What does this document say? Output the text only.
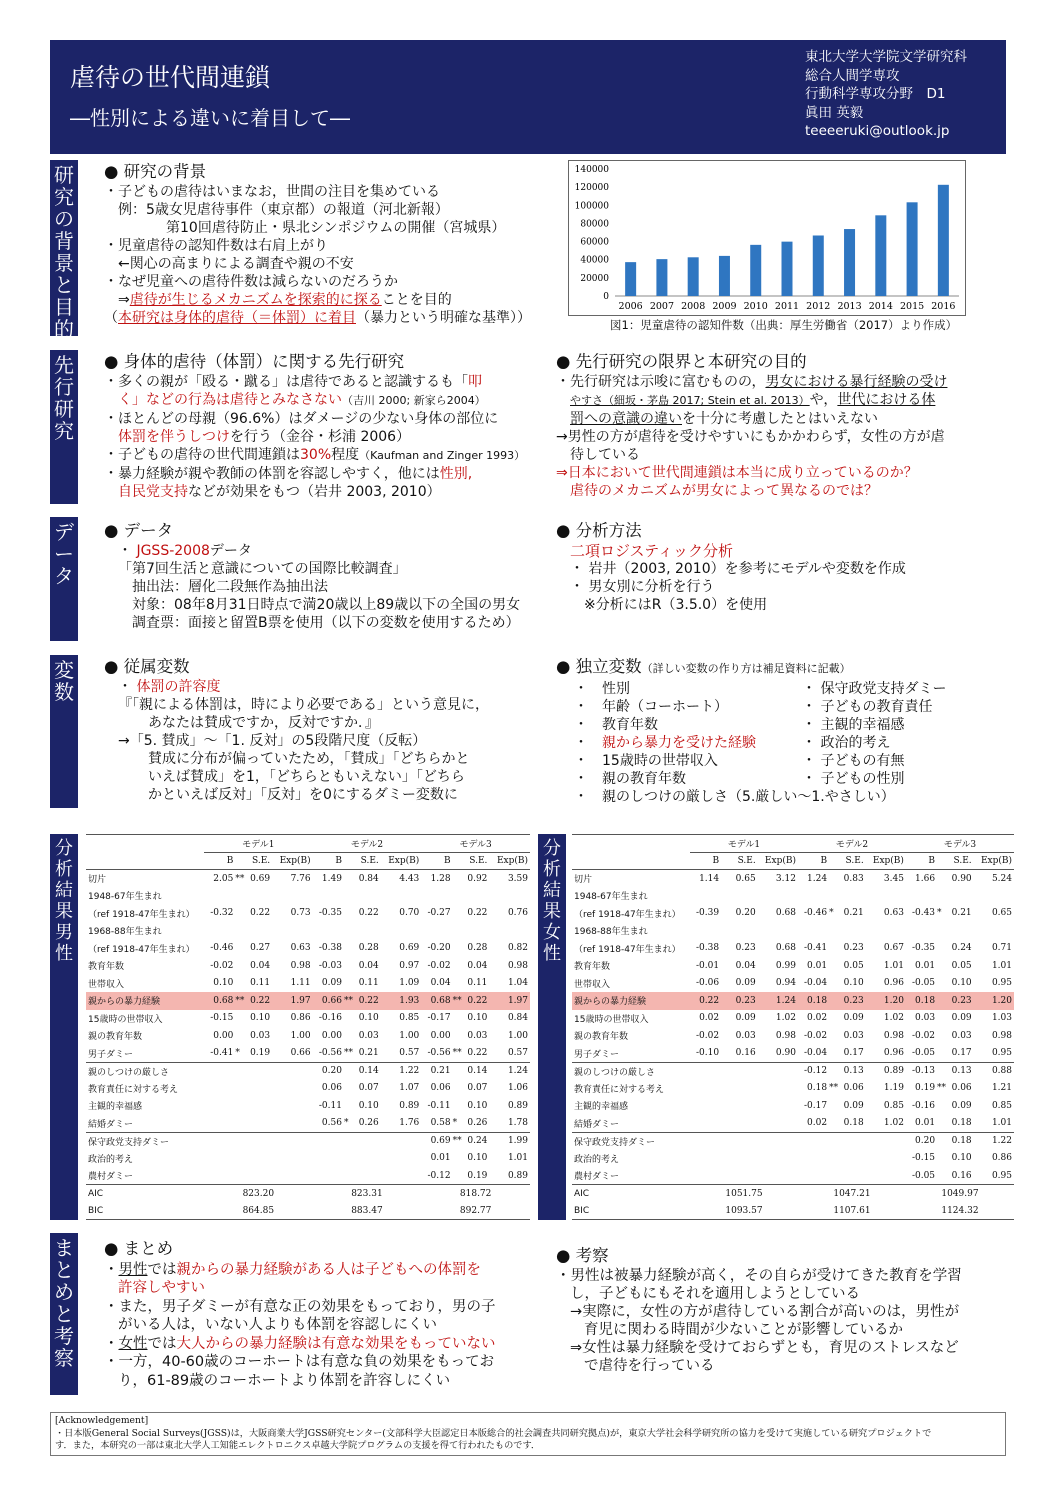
虐待の世代間連鎖
―性別による違いに着目して―
東北大学大学院文学研究科
総合人間学専攻
行動科学専攻分野　D1
眞田 英毅
teeeeruki@outlook.jp
研究の背景と目的
先行研究
データ
変数
分析結果 男性
分析結果 女性
まとめと考察
● 研究の背景
・子どもの虐待はいまなお，世間の注目を集めている
例：5歳女児虐待事件（東京都）の報道（河北新報）
第10回虐待防止・県北シンポジウムの開催（宮城県）
・児童虐待の認知件数は右肩上がり
←関心の高まりによる調査や親の不安
・なぜ児童への虐待件数は減らないのだろうか
⇒虐待が生じるメカニズムを探索的に探ることを目的
（本研究は身体的虐待（＝体罰）に着目（暴力という明確な基準））
140000
120000
100000
80000
60000
40000
20000
0
2006 2007 2008 2009 2010 2011 2012 2013 2014 2015 2016
図1：児童虐待の認知件数（出典：厚生労働省（2017）より作成）
● 身体的虐待（体罰）に関する先行研究
・多くの親が「殴る・蹴る」は虐待であると認識するも「叩
く」などの行為は虐待とみなさない（吉川 2000; 新家ら2004）
・ほとんどの母親（96.6%）はダメージの少ない身体の部位に
体罰を伴うしつけを行う（金谷・杉浦 2006）
・子どもの虐待の世代間連鎖は30%程度（Kaufman and Zinger 1993）
・暴力経験が親や教師の体罰を容認しやすく，他には性別,
自民党支持などが効果をもつ（岩井 2003, 2010）
● 先行研究の限界と本研究の目的
・先行研究は示唆に富むものの，男女における暴行経験の受け
やすさ（細坂・茅島 2017; Stein et al. 2013）や，世代における体
罰への意識の違いを十分に考慮したとはいえない
→男性の方が虐待を受けやすいにもかかわらず，女性の方が虐
待している
⇒日本において世代間連鎖は本当に成り立っているのか？
虐待のメカニズムが男女によって異なるのでは？
● データ
・ JGSS-2008データ
「第7回生活と意識についての国際比較調査」
抽出法：層化二段無作為抽出法
対象：08年8月31日時点で満20歳以上89歳以下の全国の男女
調査票：面接と留置B票を使用（以下の変数を使用するため）
● 分析方法
二項ロジスティック分析
・ 岩井（2003, 2010）を参考にモデルや変数を作成
・ 男女別に分析を行う
※分析にはR（3.5.0）を使用
● 従属変数
・ 体罰の許容度
『「親による体罰は，時により必要である」という意見に，
あなたは賛成ですか，反対ですか．』
→「5. 賛成」～「1. 反対」の5段階尺度（反転）
賛成に分布が偏っていたため，「賛成」「どちらかと
いえば賛成」を1，「どちらともいえない」「どちら
かといえば反対」「反対」を0にするダミー変数に
● 独立変数（詳しい変数の作り方は補足資料に記載）
・　 性別
・　 年齢（コーホート）
・　 教育年数
・　 親から暴力を受けた経験
・　 15歳時の世帯収入
・　 親の教育年数
・　 親のしつけの厳しさ（5.厳しい～1.やさしい）
・ 保守政党支持ダミー
・ 子どもの教育責任
・ 主観的幸福感
・ 政治的考え
・ 子どもの有無
・ 子どもの性別
	モデル1				モデル2				モデル3			
	B		S.E.	Exp(B)	B		S.E.	Exp(B)	B		S.E.	Exp(B)
切片	2.05	**	0.69	7.76	1.49		0.84	4.43	1.28		0.92	3.59
1948-67年生まれ												
（ref 1918-47年生まれ）	-0.32		0.22	0.73	-0.35		0.22	0.70	-0.27		0.22	0.76
1968-88年生まれ												
（ref 1918-47年生まれ）	-0.46		0.27	0.63	-0.38		0.28	0.69	-0.20		0.28	0.82
教育年数	-0.02		0.04	0.98	-0.03		0.04	0.97	-0.02		0.04	0.98
世帯収入	0.10		0.11	1.11	0.09		0.11	1.09	0.04		0.11	1.04
親からの暴力経験	0.68	**	0.22	1.97	0.66	**	0.22	1.93	0.68	**	0.22	1.97
15歳時の世帯収入	-0.15		0.10	0.86	-0.16		0.10	0.85	-0.17		0.10	0.84
親の教育年数	0.00		0.03	1.00	0.00		0.03	1.00	0.00		0.03	1.00
男子ダミー	-0.41	*	0.19	0.66	-0.56	**	0.21	0.57	-0.56	**	0.22	0.57
親のしつけの厳しさ					0.20		0.14	1.22	0.21		0.14	1.24
教育責任に対する考え					0.06		0.07	1.07	0.06		0.07	1.06
主観的幸福感					-0.11		0.10	0.89	-0.11		0.10	0.89
結婚ダミー					0.56	*	0.26	1.76	0.58	*	0.26	1.78
保守政党支持ダミー									0.69	**	0.24	1.99
政治的考え									0.01		0.10	1.01
農村ダミー									-0.12		0.19	0.89
AIC	823.20				823.31				818.72			
BIC	864.85				883.47				892.77			
	モデル1				モデル2				モデル3			
	B		S.E.	Exp(B)	B		S.E.	Exp(B)	B		S.E.	Exp(B)
切片	1.14		0.65	3.12	1.24		0.83	3.45	1.66		0.90	5.24
1948-67年生まれ												
（ref 1918-47年生まれ）	-0.39		0.20	0.68	-0.46	*	0.21	0.63	-0.43	*	0.21	0.65
1968-88年生まれ												
（ref 1918-47年生まれ）	-0.38		0.23	0.68	-0.41		0.23	0.67	-0.35		0.24	0.71
教育年数	-0.01		0.04	0.99	0.01		0.05	1.01	0.01		0.05	1.01
世帯収入	-0.06		0.09	0.94	-0.04		0.10	0.96	-0.05		0.10	0.95
親からの暴力経験	0.22		0.23	1.24	0.18		0.23	1.20	0.18		0.23	1.20
15歳時の世帯収入	0.02		0.09	1.02	0.02		0.09	1.02	0.03		0.09	1.03
親の教育年数	-0.02		0.03	0.98	-0.02		0.03	0.98	-0.02		0.03	0.98
男子ダミー	-0.10		0.16	0.90	-0.04		0.17	0.96	-0.05		0.17	0.95
親のしつけの厳しさ					-0.12		0.13	0.89	-0.13		0.13	0.88
教育責任に対する考え					0.18	**	0.06	1.19	0.19	**	0.06	1.21
主観的幸福感					-0.17		0.09	0.85	-0.16		0.09	0.85
結婚ダミー					0.02		0.18	1.02	0.01		0.18	1.01
保守政党支持ダミー									0.20		0.18	1.22
政治的考え									-0.15		0.10	0.86
農村ダミー									-0.05		0.16	0.95
AIC	1051.75				1047.21				1049.97			
BIC	1093.57				1107.61				1124.32			
● まとめ
・男性では親からの暴力経験がある人は子どもへの体罰を
許容しやすい
・また，男子ダミーが有意な正の効果をもっており，男の子
がいる人は，いない人よりも体罰を容認しにくい
・女性では大人からの暴力経験は有意な効果をもっていない
・一方，40-60歳のコーホートは有意な負の効果をもってお
り，61-89歳のコーホートより体罰を許容しにくい
● 考察
・男性は被暴力経験が高く，その自らが受けてきた教育を学習
し，子どもにもそれを適用しようとしている
→実際に，女性の方が虐待している割合が高いのは，男性が
育児に関わる時間が少ないことが影響しているか
⇒女性は暴力経験を受けておらずとも，育児のストレスなど
で虐待を行っている
[Acknowledgement]
・日本版General Social Surveys(JGSS)は，大阪商業大学JGSS研究センター(文部科学大臣認定日本版総合的社会調査共同研究拠点)が，東京大学社会科学研究所の協力を受けて実施している研究プロジェクトで
す．また，本研究の一部は東北大学人工知能エレクトロニクス卓越大学院プログラムの支援を得て行われたものです．
